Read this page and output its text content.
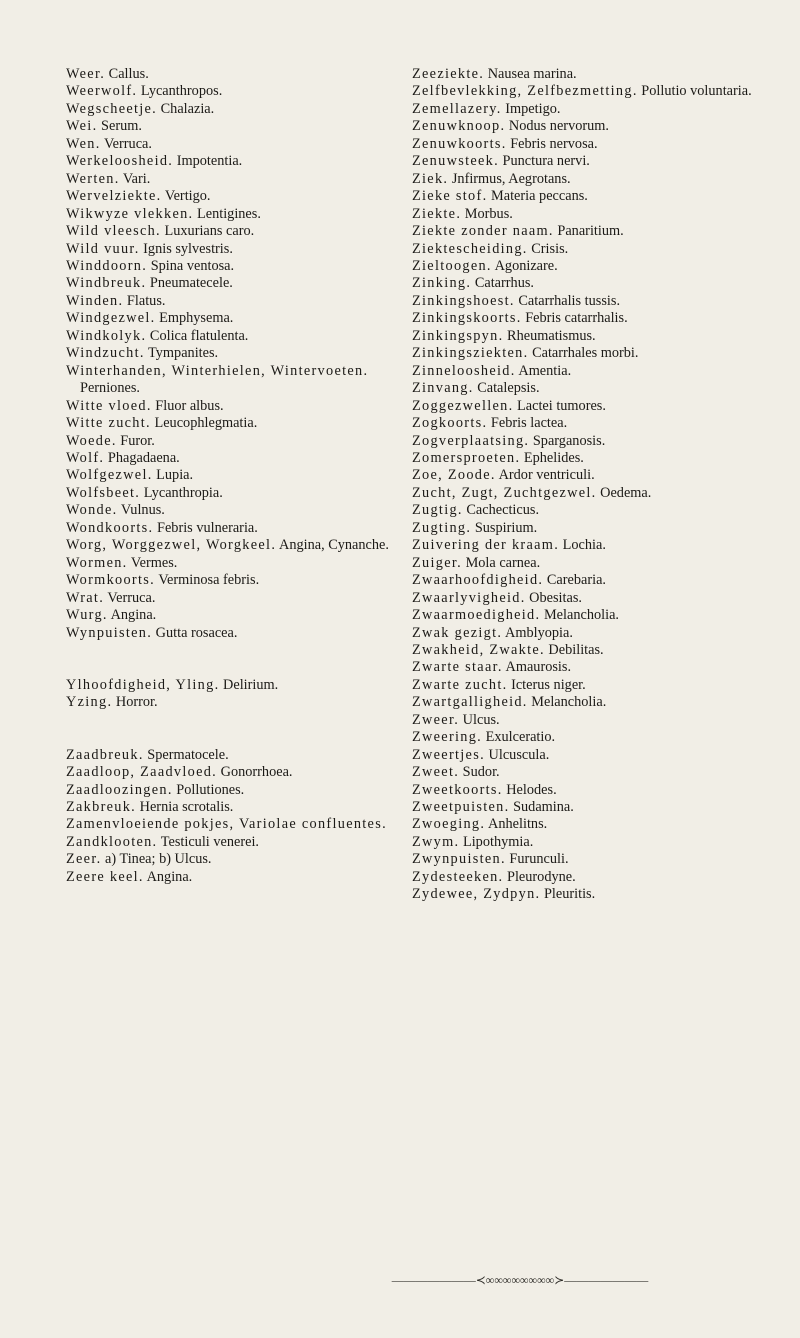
Weer. Callus.
Weerwolf. Lycanthropos.
Wegscheetje. Chalazia.
Wei. Serum.
Wen. Verruca.
Werkeloosheid. Impotentia.
Werten. Vari.
Wervelziekte. Vertigo.
Wikwyze vlekken. Lentigines.
Wild vleesch. Luxurians caro.
Wild vuur. Ignis sylvestris.
Winddoorn. Spina ventosa.
Windbreuk. Pneumatecele.
Winden. Flatus.
Windgezwel. Emphysema.
Windkolyk. Colica flatulenta.
Windzucht. Tympanites.
Winterhanden, Winterhielen, Wintervoeten. Perniones.
Witte vloed. Fluor albus.
Witte zucht. Leucophlegmatia.
Woede. Furor.
Wolf. Phagadaena.
Wolfgezwel. Lupia.
Wolfsbeet. Lycanthropia.
Wonde. Vulnus.
Wondkoorts. Febris vulneraria.
Worg, Worggezwel, Worgkeel. Angina, Cynanche.
Wormen. Vermes.
Wormkoorts. Verminosa febris.
Wrat. Verruca.
Wurg. Angina.
Wynpuisten. Gutta rosacea.
Ylhoofdigheid, Yling. Delirium.
Yzing. Horror.
Zaadbreuk. Spermatocele.
Zaadloop, Zaadvloed. Gonorrhoea.
Zaadloozingen. Pollutiones.
Zakbreuk. Hernia scrotalis.
Zamenvloeiende pokjes, Variolae confluentes.
Zandklooten. Testiculi venerei.
Zeer. a) Tinea; b) Ulcus.
Zeere keel. Angina.
Zeeziekte. Nausea marina.
Zelfbevlekking, Zelfbezmetting. Pollutio voluntaria.
Zemellazery. Impetigo.
Zenuwknoop. Nodus nervorum.
Zenuwkoorts. Febris nervosa.
Zenuwsteek. Punctura nervi.
Ziek. Jnfirmus, Aegrotans.
Zieke stof. Materia peccans.
Ziekte. Morbus.
Ziekte zonder naam. Panaritium.
Ziektescheiding. Crisis.
Zieltoogen. Agonizare.
Zinking. Catarrhus.
Zinkingshoest. Catarrhalis tussis.
Zinkingskoorts. Febris catarrhalis.
Zinkingspyn. Rheumatismus.
Zinkingsziekten. Catarrhales morbi.
Zinneloosheid. Amentia.
Zinvang. Catalepsis.
Zoggezwellen. Lactei tumores.
Zogkoorts. Febris lactea.
Zogverplaatsing. Sparganosis.
Zomersproeten. Ephelides.
Zoe, Zoode. Ardor ventriculi.
Zucht, Zugt, Zuchtgezwel. Oedema.
Zugtig. Cachecticus.
Zugting. Suspirium.
Zuivering der kraam. Lochia.
Zuiger. Mola carnea.
Zwaarhoofdigheid. Carebaria.
Zwaarlyvigheid. Obesitas.
Zwaarmoedigheid. Melancholia.
Zwak gezigt. Amblyopia.
Zwakheid, Zwakte. Debilitas.
Zwarte staar. Amaurosis.
Zwarte zucht. Icterus niger.
Zwartgalligheid. Melancholia.
Zweer. Ulcus.
Zweering. Exulceratio.
Zweertjes. Ulcuscula.
Zweet. Sudor.
Zweetkoorts. Helodes.
Zweetpuisten. Sudamina.
Zwoeging. Anhelitns.
Zwym. Lipothymia.
Zwynpuisten. Furunculi.
Zydesteeken. Pleurodyne.
Zydewee, Zydpyn. Pleuritis.
———————≺∞∞∞∞∞∞∞∞≻———————
